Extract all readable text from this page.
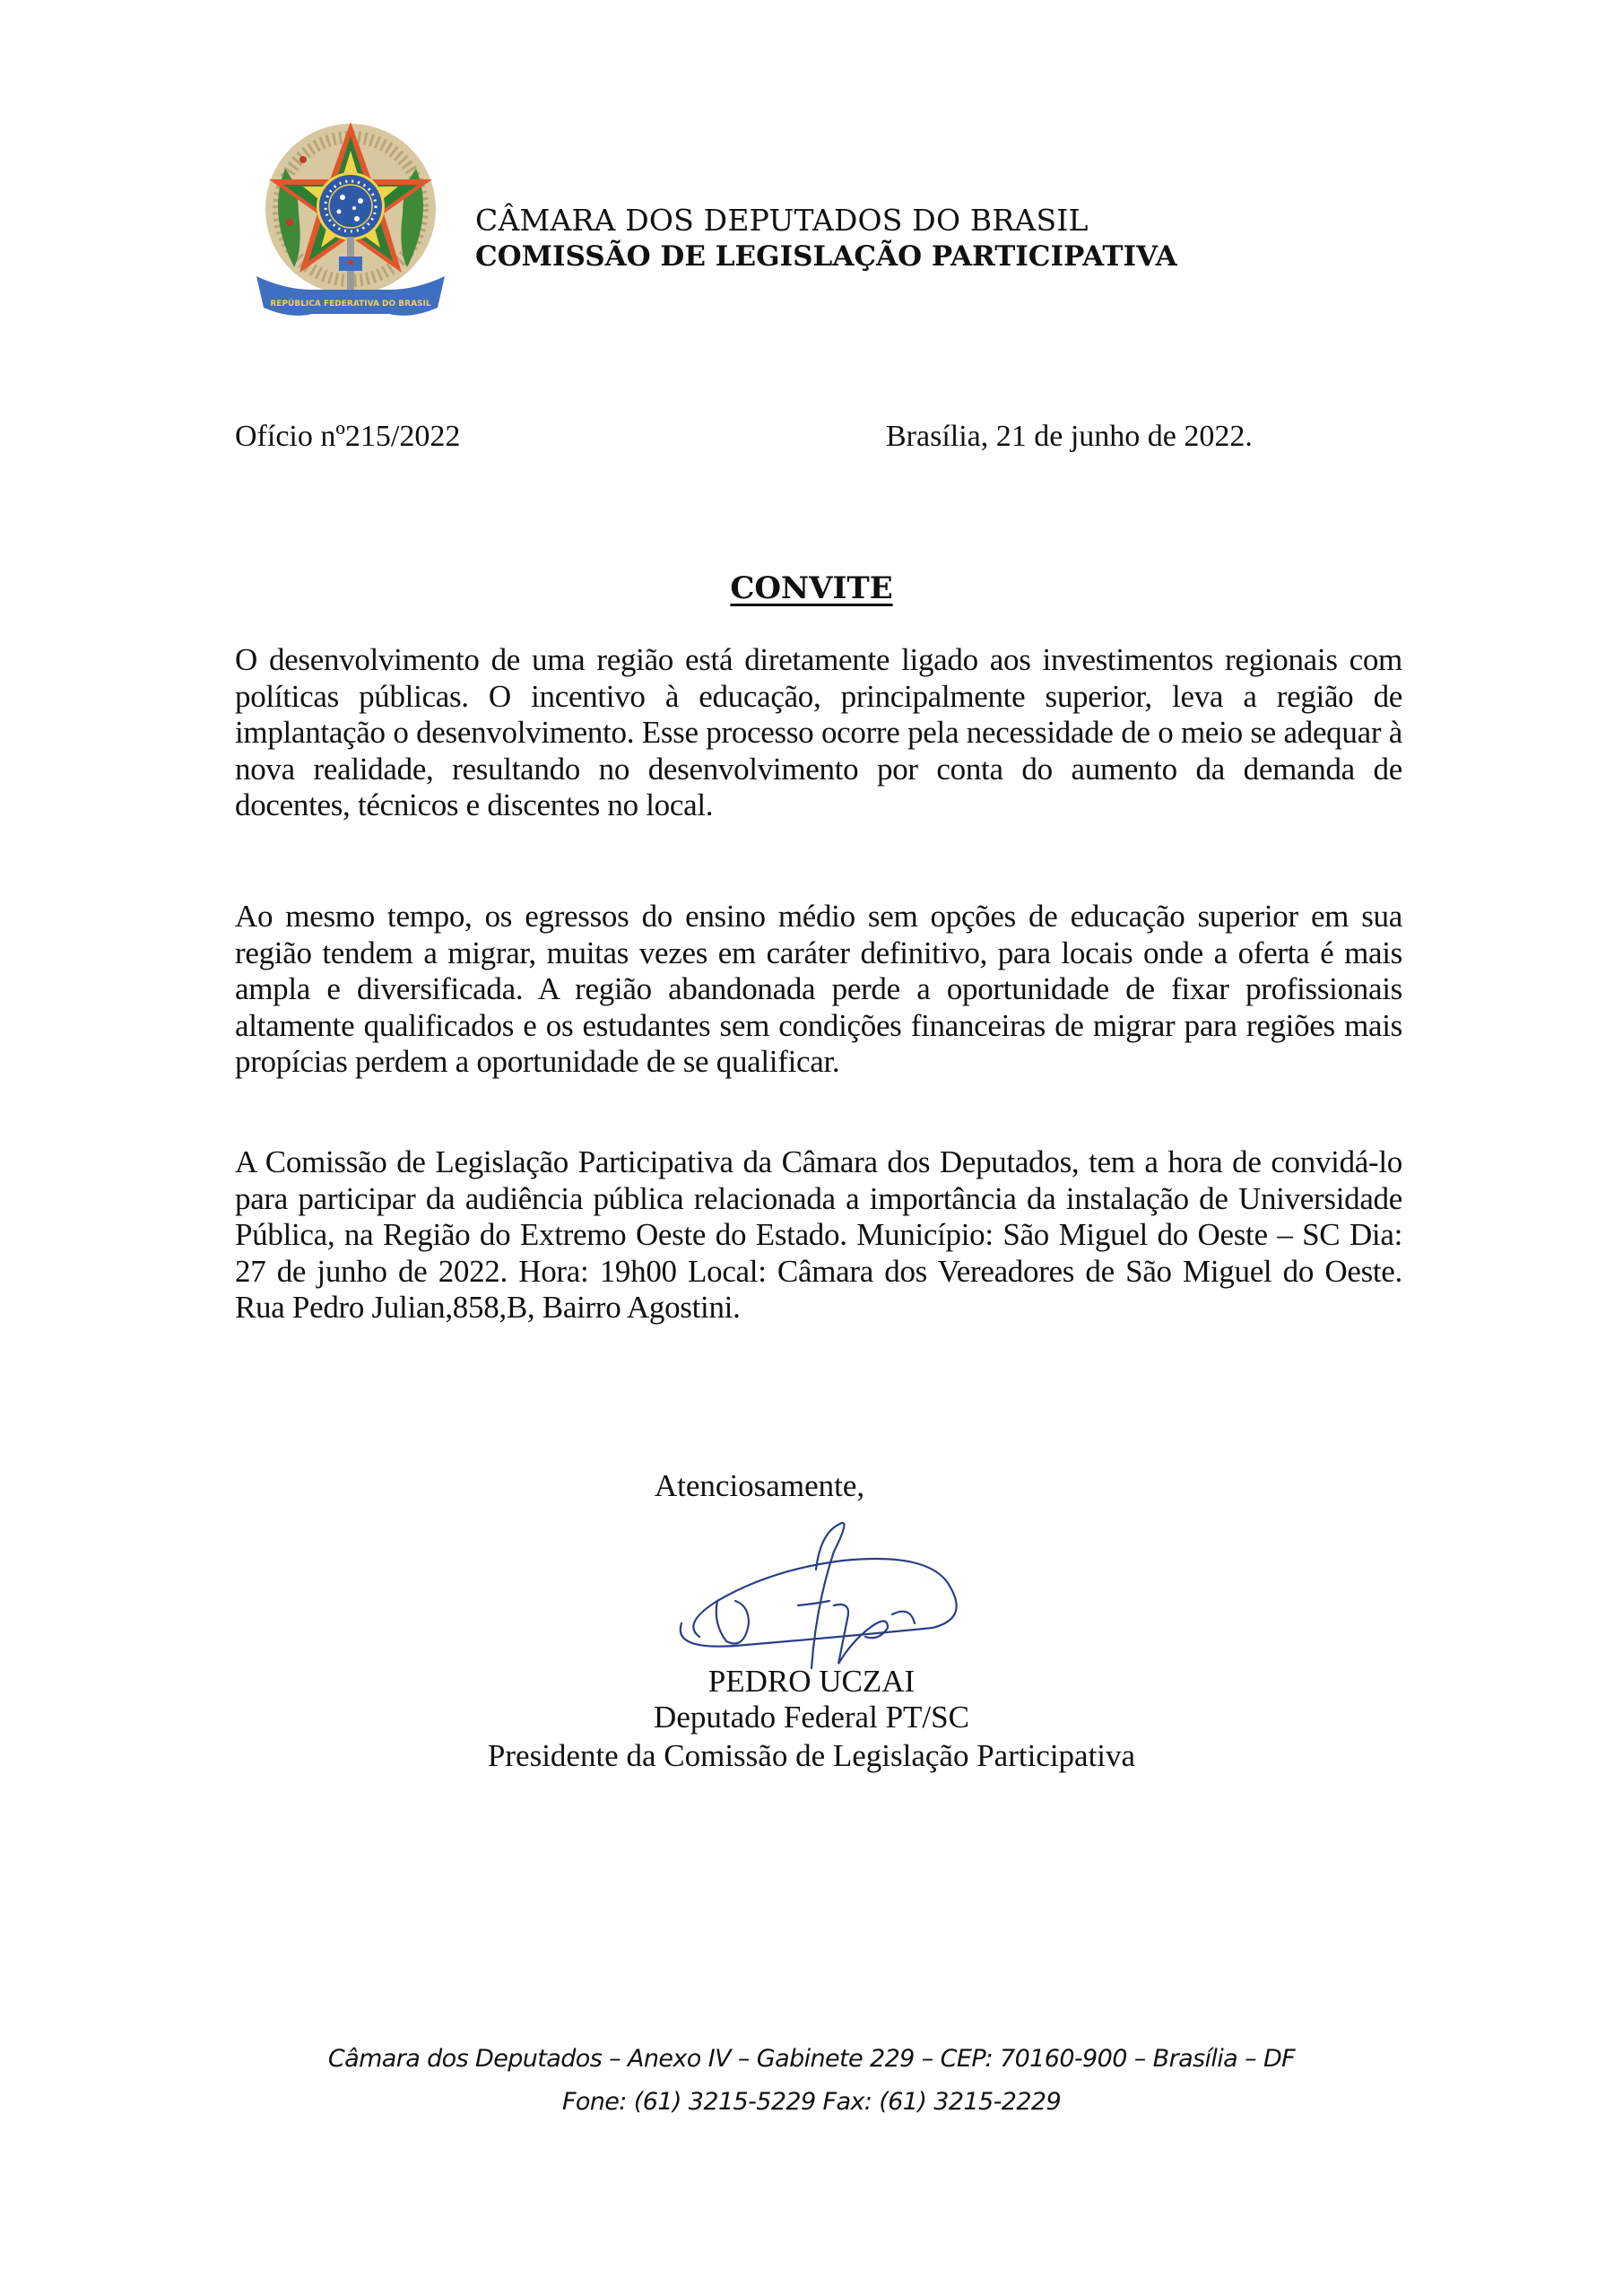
REPÚBLICA FEDERATIVA DO BRASIL
CÂMARA DOS DEPUTADOS DO BRASIL
COMISSÃO DE LEGISLAÇÃO PARTICIPATIVA
Ofício nº215/2022	Brasília, 21 de junho de 2022.
CONVITE
O desenvolvimento de uma região está diretamente ligado aos investimentos regionais com políticas públicas. O incentivo à educação, principalmente superior, leva a região de implantação o desenvolvimento. Esse processo ocorre pela necessidade de o meio se adequar à nova realidade, resultando no desenvolvimento por conta do aumento da demanda de docentes, técnicos e discentes no local.
Ao mesmo tempo, os egressos do ensino médio sem opções de educação superior em sua região tendem a migrar, muitas vezes em caráter definitivo, para locais onde a oferta é mais ampla e diversificada. A região abandonada perde a oportunidade de fixar profissionais altamente qualificados e os estudantes sem condições financeiras de migrar para regiões mais propícias perdem a oportunidade de se qualificar.
A Comissão de Legislação Participativa da Câmara dos Deputados, tem a hora de convidá-lo para participar da audiência pública relacionada a importância da instalação de Universidade Pública, na Região do Extremo Oeste do Estado. Município: São Miguel do Oeste – SC Dia: 27 de junho de 2022. Hora: 19h00 Local: Câmara dos Vereadores de São Miguel do Oeste. Rua Pedro Julian,858,B, Bairro Agostini.
Atenciosamente,
PEDRO UCZAI
Deputado Federal PT/SC
Presidente da Comissão de Legislação Participativa
Câmara dos Deputados – Anexo IV – Gabinete 229 – CEP: 70160-900 – Brasília – DF
Fone: (61) 3215-5229 Fax: (61) 3215-2229
